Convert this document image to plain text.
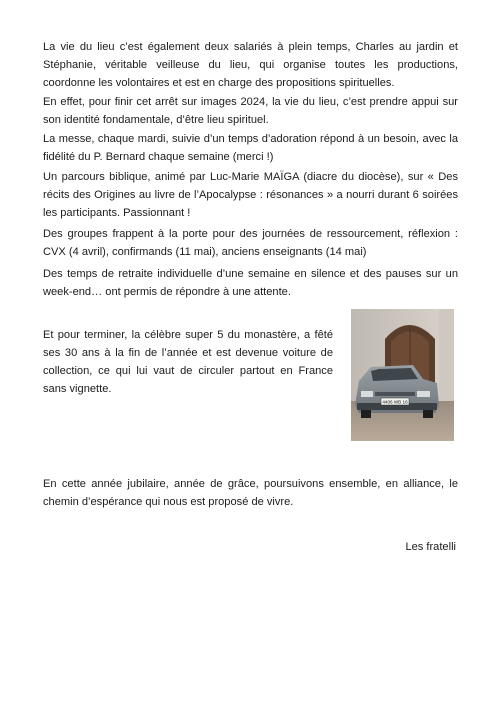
La vie du lieu c’est également deux salariés à plein temps, Charles au jardin et Stéphanie, véritable veilleuse du lieu, qui organise toutes les productions, coordonne les volontaires et est en charge des propositions spirituelles.

En effet, pour finir cet arrêt sur images 2024, la vie du lieu, c’est prendre appui sur son identité fondamentale, d’être lieu spirituel.

La messe, chaque mardi, suivie d’un temps d’adoration répond à un besoin, avec la fidélité du P. Bernard chaque semaine (merci !)

Un parcours biblique, animé par Luc-Marie MAÏGA (diacre du diocèse), sur « Des récits des Origines au livre de l’Apocalypse : résonances » a nourri durant 6 soirées les participants. Passionnant !

Des groupes frappent à la porte pour des journées de ressourcement, réflexion : CVX (4 avril), confirmands (11 mai), anciens enseignants (14 mai)

Des temps de retraite individuelle d’une semaine en silence et des pauses sur un week-end… ont permis de répondre à une attente.

Et pour terminer, la célèbre super 5 du monastère, a fêté ses 30 ans à la fin de l’année et est devenue voiture de collection, ce qui lui vaut de circuler partout en France sans vignette.

4406 WB 16

En cette année jubilaire, année de grâce, poursuivons ensemble, en alliance, le chemin d’espérance qui nous est proposé de vivre.

Les fratelli
